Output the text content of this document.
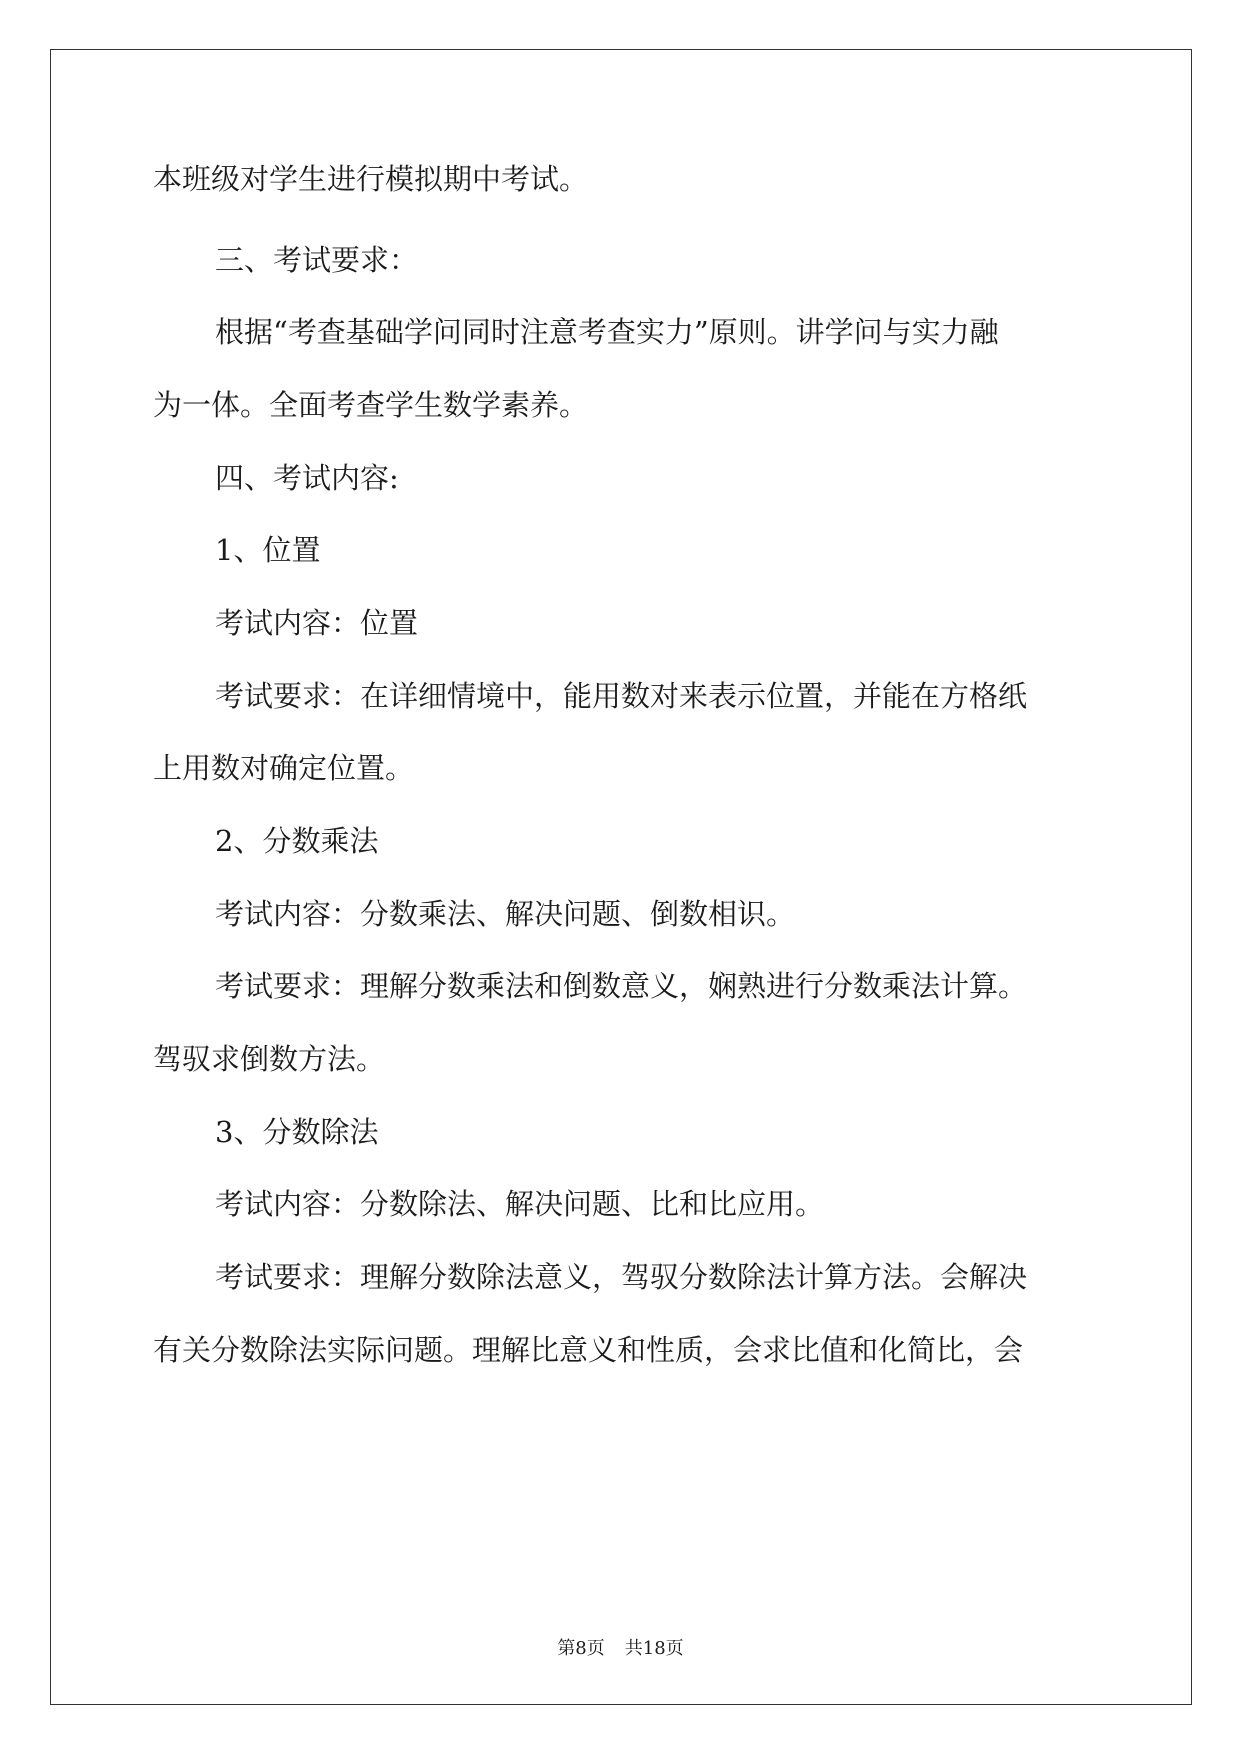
本班级对学生进行模拟期中考试。
三、考试要求：
根据“考查基础学问同时注意考查实力”原则。讲学问与实力融
为一体。全面考查学生数学素养。
四、考试内容:
1、位置
考试内容：位置
考试要求：在详细情境中，能用数对来表示位置，并能在方格纸
上用数对确定位置。
2、分数乘法
考试内容：分数乘法、解决问题、倒数相识。
考试要求：理解分数乘法和倒数意义，娴熟进行分数乘法计算。
驾驭求倒数方法。
3、分数除法
考试内容：分数除法、解决问题、比和比应用。
考试要求：理解分数除法意义，驾驭分数除法计算方法。会解决
有关分数除法实际问题。理解比意义和性质，会求比值和化简比，会
第8页 共18页
